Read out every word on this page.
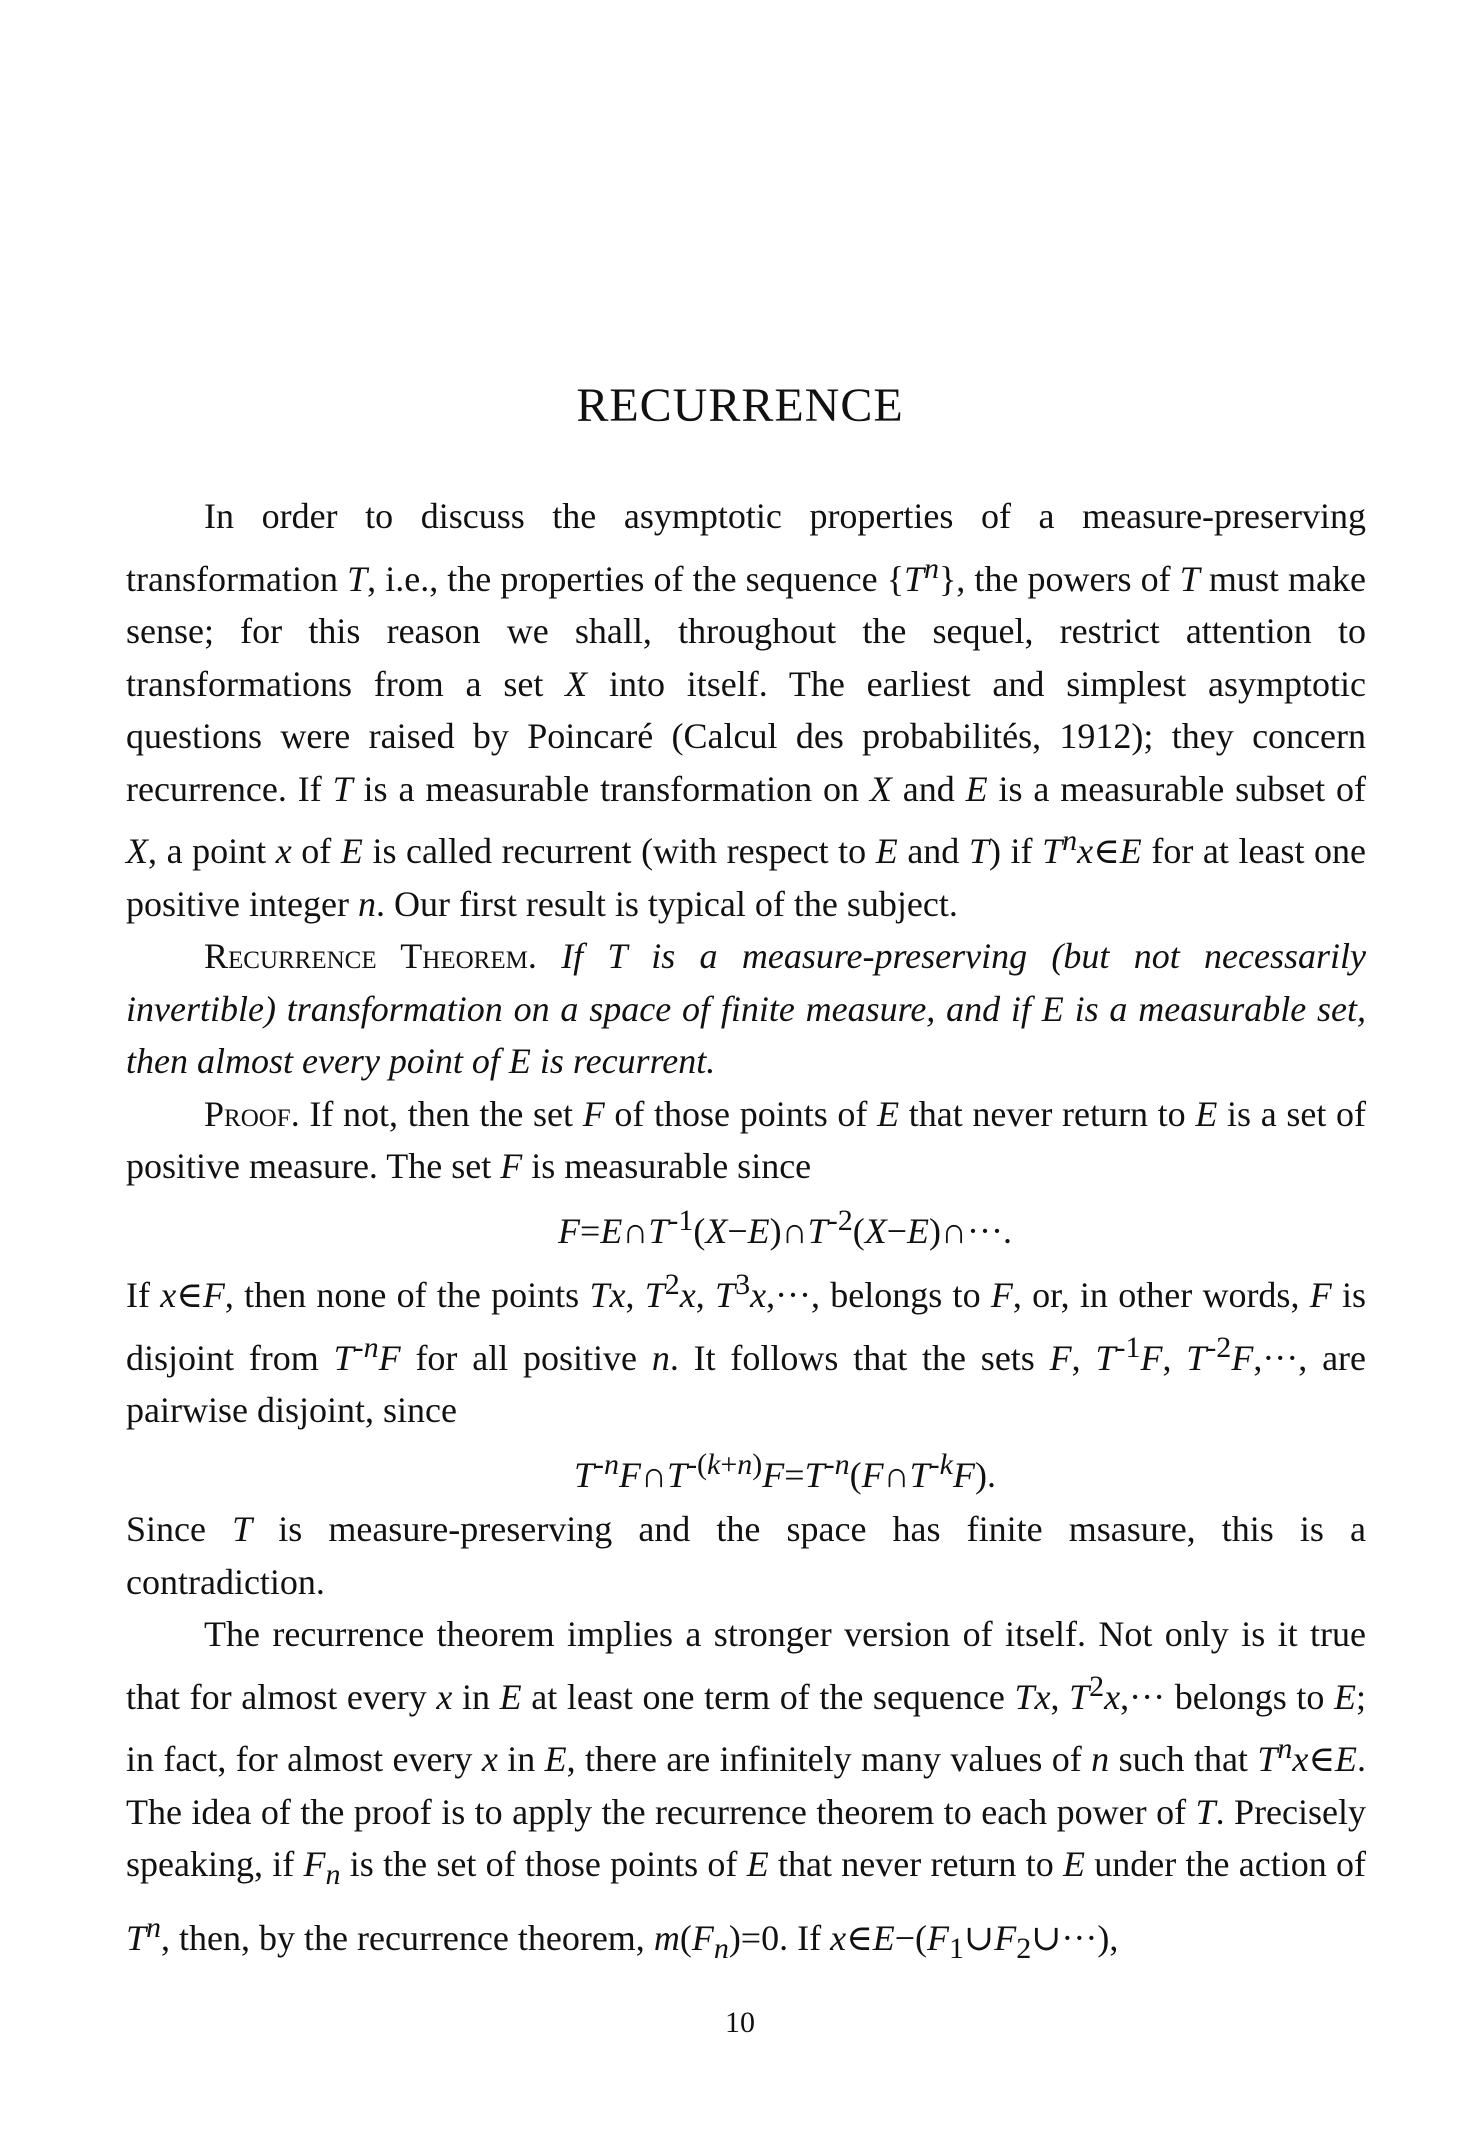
RECURRENCE

In order to discuss the asymptotic properties of a measure-preserving transformation T, i.e., the properties of the sequence $\{T^n\}$, the powers of T must make sense; for this reason we shall, throughout the sequel, restrict attention to transformations from a set X into itself. The earliest and simplest asymptotic questions were raised by Poincaré (Calcul des probabilités, 1912); they concern recurrence. If T is a measurable transformation on X and E is a measurable subset of X, a point x of E is called recurrent (with respect to E and T) if $T^nx\in E$ for at least one positive integer n. Our first result is typical of the subject.

Recurrence Theorem. If T is a measure-preserving (but not necessarily invertible) transformation on a space of finite measure, and if E is a measurable set, then almost every point of E is recurrent.

Proof. If not, then the set F of those points of E that never return to E is a set of positive measure. The set F is measurable since

$F=E\cap T^{-1}(X-E)\cap T^{-2}(X-E)\cap\cdot\cdot\cdot$.

If x∈F, then none of the points Tx, $T^2x$, $T^3x,\cdot\cdot\cdot$, belongs to F, or, in other words, F is disjoint from $T^{-n}F$ for all positive n. It follows that the sets F, $T^{-1}F$, $T^{-2}F,\cdot\cdot\cdot$, are pairwise disjoint, since

$T^{-n}F\cap T^{-(k+n)}F=T^{-n}(F\cap T^{-k}F)$.

Since T is measure-preserving and the space has finite msasure, this is a contradiction.

The recurrence theorem implies a stronger version of itself. Not only is it true that for almost every x in E at least one term of the sequence Tx, $T^2x,\cdot\cdot\cdot$ belongs to E; in fact, for almost every x in E, there are infinitely many values of n such that $T^nx\in E$. The idea of the proof is to apply the recurrence theorem to each power of T. Precisely speaking, if $F_n$ is the set of those points of E that never return to E under the action of $T^n$, then, by the recurrence theorem, $m(F_n)=0$. If $x\in E-(F_1\cup F_2\cup\cdot\cdot\cdot)$,

10
